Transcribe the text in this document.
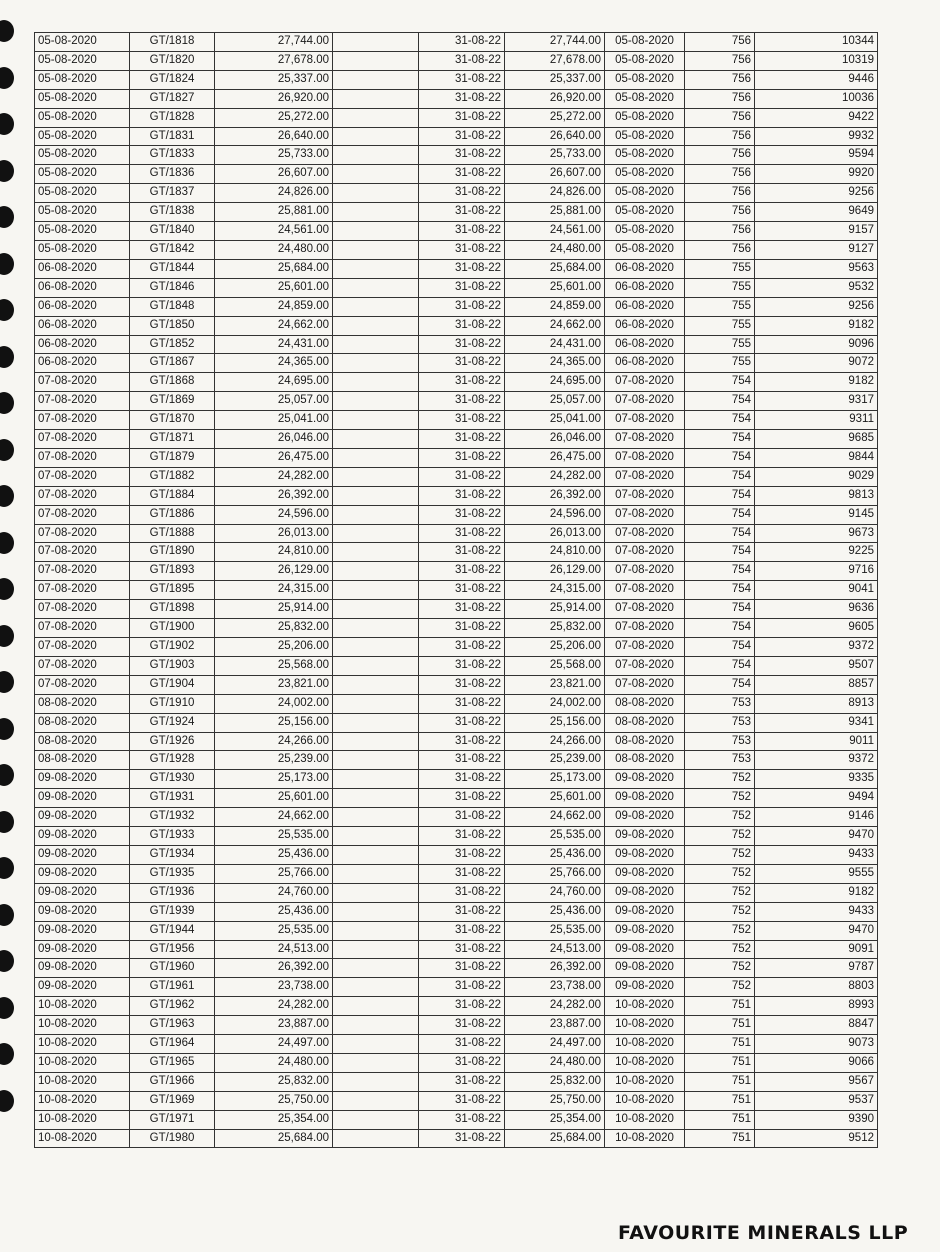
05-08-2020	GT/1818	27,744.00		31-08-22	27,744.00	05-08-2020	756	10344
05-08-2020	GT/1820	27,678.00		31-08-22	27,678.00	05-08-2020	756	10319
05-08-2020	GT/1824	25,337.00		31-08-22	25,337.00	05-08-2020	756	9446
05-08-2020	GT/1827	26,920.00		31-08-22	26,920.00	05-08-2020	756	10036
05-08-2020	GT/1828	25,272.00		31-08-22	25,272.00	05-08-2020	756	9422
05-08-2020	GT/1831	26,640.00		31-08-22	26,640.00	05-08-2020	756	9932
05-08-2020	GT/1833	25,733.00		31-08-22	25,733.00	05-08-2020	756	9594
05-08-2020	GT/1836	26,607.00		31-08-22	26,607.00	05-08-2020	756	9920
05-08-2020	GT/1837	24,826.00		31-08-22	24,826.00	05-08-2020	756	9256
05-08-2020	GT/1838	25,881.00		31-08-22	25,881.00	05-08-2020	756	9649
05-08-2020	GT/1840	24,561.00		31-08-22	24,561.00	05-08-2020	756	9157
05-08-2020	GT/1842	24,480.00		31-08-22	24,480.00	05-08-2020	756	9127
06-08-2020	GT/1844	25,684.00		31-08-22	25,684.00	06-08-2020	755	9563
06-08-2020	GT/1846	25,601.00		31-08-22	25,601.00	06-08-2020	755	9532
06-08-2020	GT/1848	24,859.00		31-08-22	24,859.00	06-08-2020	755	9256
06-08-2020	GT/1850	24,662.00		31-08-22	24,662.00	06-08-2020	755	9182
06-08-2020	GT/1852	24,431.00		31-08-22	24,431.00	06-08-2020	755	9096
06-08-2020	GT/1867	24,365.00		31-08-22	24,365.00	06-08-2020	755	9072
07-08-2020	GT/1868	24,695.00		31-08-22	24,695.00	07-08-2020	754	9182
07-08-2020	GT/1869	25,057.00		31-08-22	25,057.00	07-08-2020	754	9317
07-08-2020	GT/1870	25,041.00		31-08-22	25,041.00	07-08-2020	754	9311
07-08-2020	GT/1871	26,046.00		31-08-22	26,046.00	07-08-2020	754	9685
07-08-2020	GT/1879	26,475.00		31-08-22	26,475.00	07-08-2020	754	9844
07-08-2020	GT/1882	24,282.00		31-08-22	24,282.00	07-08-2020	754	9029
07-08-2020	GT/1884	26,392.00		31-08-22	26,392.00	07-08-2020	754	9813
07-08-2020	GT/1886	24,596.00		31-08-22	24,596.00	07-08-2020	754	9145
07-08-2020	GT/1888	26,013.00		31-08-22	26,013.00	07-08-2020	754	9673
07-08-2020	GT/1890	24,810.00		31-08-22	24,810.00	07-08-2020	754	9225
07-08-2020	GT/1893	26,129.00		31-08-22	26,129.00	07-08-2020	754	9716
07-08-2020	GT/1895	24,315.00		31-08-22	24,315.00	07-08-2020	754	9041
07-08-2020	GT/1898	25,914.00		31-08-22	25,914.00	07-08-2020	754	9636
07-08-2020	GT/1900	25,832.00		31-08-22	25,832.00	07-08-2020	754	9605
07-08-2020	GT/1902	25,206.00		31-08-22	25,206.00	07-08-2020	754	9372
07-08-2020	GT/1903	25,568.00		31-08-22	25,568.00	07-08-2020	754	9507
07-08-2020	GT/1904	23,821.00		31-08-22	23,821.00	07-08-2020	754	8857
08-08-2020	GT/1910	24,002.00		31-08-22	24,002.00	08-08-2020	753	8913
08-08-2020	GT/1924	25,156.00		31-08-22	25,156.00	08-08-2020	753	9341
08-08-2020	GT/1926	24,266.00		31-08-22	24,266.00	08-08-2020	753	9011
08-08-2020	GT/1928	25,239.00		31-08-22	25,239.00	08-08-2020	753	9372
09-08-2020	GT/1930	25,173.00		31-08-22	25,173.00	09-08-2020	752	9335
09-08-2020	GT/1931	25,601.00		31-08-22	25,601.00	09-08-2020	752	9494
09-08-2020	GT/1932	24,662.00		31-08-22	24,662.00	09-08-2020	752	9146
09-08-2020	GT/1933	25,535.00		31-08-22	25,535.00	09-08-2020	752	9470
09-08-2020	GT/1934	25,436.00		31-08-22	25,436.00	09-08-2020	752	9433
09-08-2020	GT/1935	25,766.00		31-08-22	25,766.00	09-08-2020	752	9555
09-08-2020	GT/1936	24,760.00		31-08-22	24,760.00	09-08-2020	752	9182
09-08-2020	GT/1939	25,436.00		31-08-22	25,436.00	09-08-2020	752	9433
09-08-2020	GT/1944	25,535.00		31-08-22	25,535.00	09-08-2020	752	9470
09-08-2020	GT/1956	24,513.00		31-08-22	24,513.00	09-08-2020	752	9091
09-08-2020	GT/1960	26,392.00		31-08-22	26,392.00	09-08-2020	752	9787
09-08-2020	GT/1961	23,738.00		31-08-22	23,738.00	09-08-2020	752	8803
10-08-2020	GT/1962	24,282.00		31-08-22	24,282.00	10-08-2020	751	8993
10-08-2020	GT/1963	23,887.00		31-08-22	23,887.00	10-08-2020	751	8847
10-08-2020	GT/1964	24,497.00		31-08-22	24,497.00	10-08-2020	751	9073
10-08-2020	GT/1965	24,480.00		31-08-22	24,480.00	10-08-2020	751	9066
10-08-2020	GT/1966	25,832.00		31-08-22	25,832.00	10-08-2020	751	9567
10-08-2020	GT/1969	25,750.00		31-08-22	25,750.00	10-08-2020	751	9537
10-08-2020	GT/1971	25,354.00		31-08-22	25,354.00	10-08-2020	751	9390
10-08-2020	GT/1980	25,684.00		31-08-22	25,684.00	10-08-2020	751	9512
FAVOURITE MINERALS LLP
